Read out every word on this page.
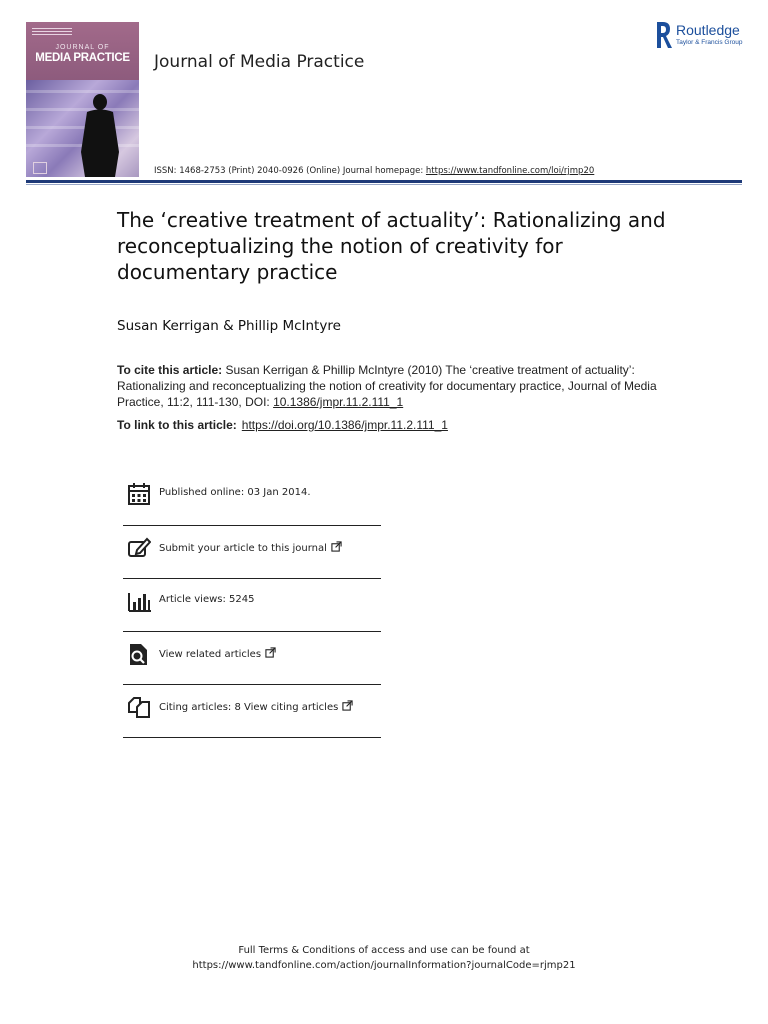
JOURNAL OF
MEDIA PRACTICE	Journal of Media Practice
Routledge
Taylor & Francis Group
ISSN: 1468-2753 (Print) 2040-0926 (Online) Journal homepage: https://www.tandfonline.com/loi/rjmp20
The ‘creative treatment of actuality’: Rationalizing and reconceptualizing the notion of creativity for documentary practice
Susan Kerrigan & Phillip McIntyre
To cite this article: Susan Kerrigan & Phillip McIntyre (2010) The ‘creative treatment of actuality’: Rationalizing and reconceptualizing the notion of creativity for documentary practice, Journal of Media Practice, 11:2, 111-130, DOI: 10.1386/jmpr.11.2.111_1
To link to this article: https://doi.org/10.1386/jmpr.11.2.111_1
Published online: 03 Jan 2014.
Submit your article to this journal
Article views: 5245
View related articles
Citing articles: 8 View citing articles
Full Terms & Conditions of access and use can be found at
https://www.tandfonline.com/action/journalInformation?journalCode=rjmp21
